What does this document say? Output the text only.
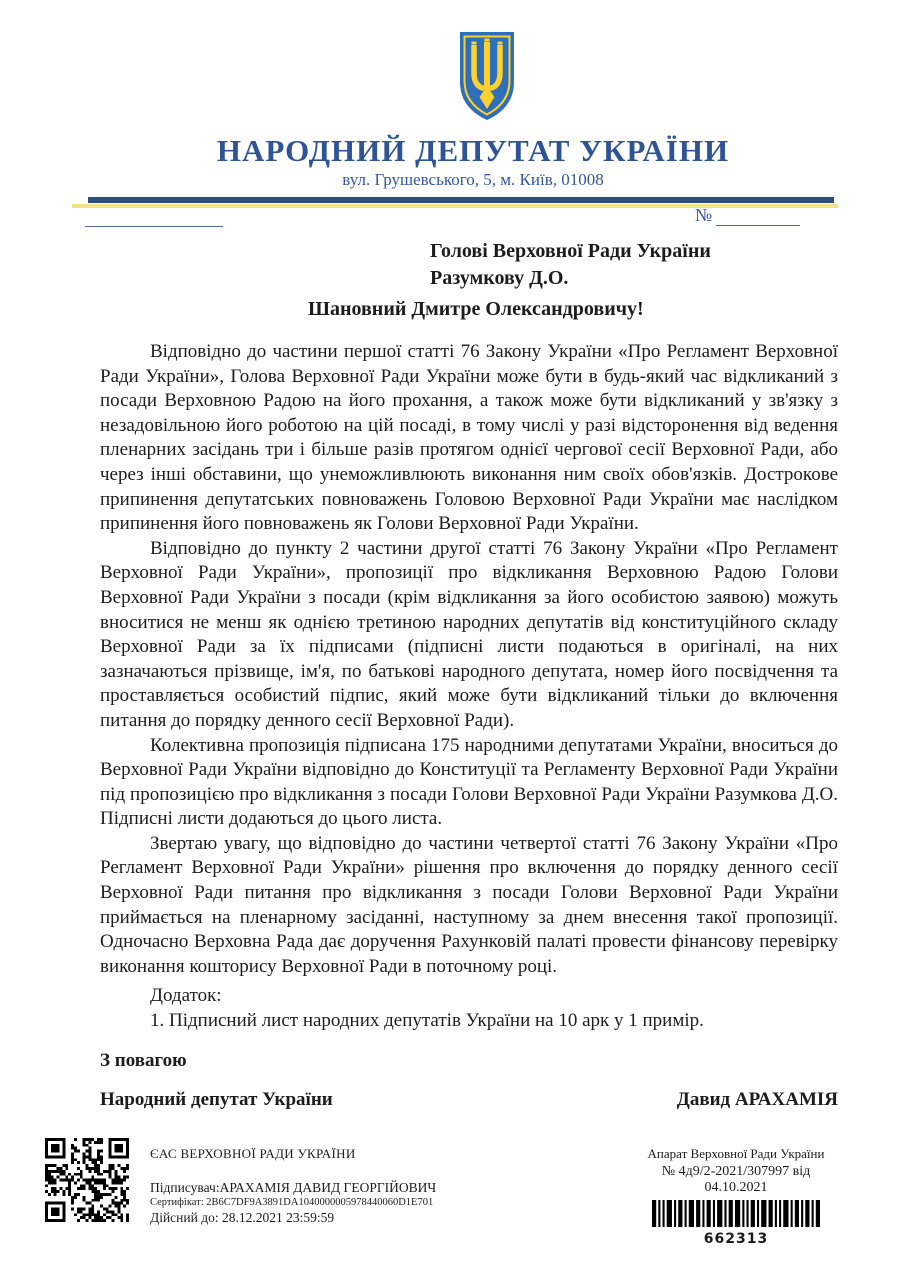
НАРОДНИЙ ДЕПУТАТ УКРАЇНИ
вул. Грушевського, 5, м. Київ, 01008
№
Голові Верховної Ради України
Разумкову Д.О.
Шановний Дмитре Олександровичу!

Відповідно до частини першої статті 76 Закону України «Про Регламент Верховної Ради України», Голова Верховної Ради України може бути в будь-який час відкликаний з посади Верховною Радою на його прохання, а також може бути відкликаний у зв'язку з незадовільною його роботою на цій посаді, в тому числі у разі відсторонення від ведення пленарних засідань три і більше разів протягом однієї чергової сесії Верховної Ради, або через інші обставини, що унеможливлюють виконання ним своїх обов'язків. Дострокове припинення депутатських повноважень Головою Верховної Ради України має наслідком припинення його повноважень як Голови Верховної Ради України.

Відповідно до пункту 2 частини другої статті 76 Закону України «Про Регламент Верховної Ради України», пропозиції про відкликання Верховною Радою Голови Верховної Ради України з посади (крім відкликання за його особистою заявою) можуть вноситися не менш як однією третиною народних депутатів від конституційного складу Верховної Ради за їх підписами (підписні листи подаються в оригіналі, на них зазначаються прізвище, ім'я, по батькові народного депутата, номер його посвідчення та проставляється особистий підпис, який може бути відкликаний тільки до включення питання до порядку денного сесії Верховної Ради).

Колективна пропозиція підписана 175 народними депутатами України, вноситься до Верховної Ради України відповідно до Конституції та Регламенту Верховної Ради України під пропозицією про відкликання з посади Голови Верховної Ради України Разумкова Д.О. Підписні листи додаються до цього листа.

Звертаю увагу, що відповідно до частини четвертої статті 76 Закону України «Про Регламент Верховної Ради України» рішення про включення до порядку денного сесії Верховної Ради питання про відкликання з посади Голови Верховної Ради України приймається на пленарному засіданні, наступному за днем внесення такої пропозиції. Одночасно Верховна Рада дає доручення Рахунковій палаті провести фінансову перевірку виконання кошторису Верховної Ради в поточному році.

Додаток:
1. Підписний лист народних депутатів України на 10 арк у 1 примір.
З повагою
Народний депутат України	Давид АРАХАМІЯ
ЄАС ВЕРХОВНОЇ РАДИ УКРАЇНИ
Підписувач:АРАХАМІЯ ДАВИД ГЕОРГІЙОВИЧ
Сертифікат: 2B6C7DF9A3891DA1040000005978440060D1E701
Дійсний до: 28.12.2021 23:59:59
Апарат Верховної Ради України
№ 4д9/2-2021/307997 від 04.10.2021
662313
